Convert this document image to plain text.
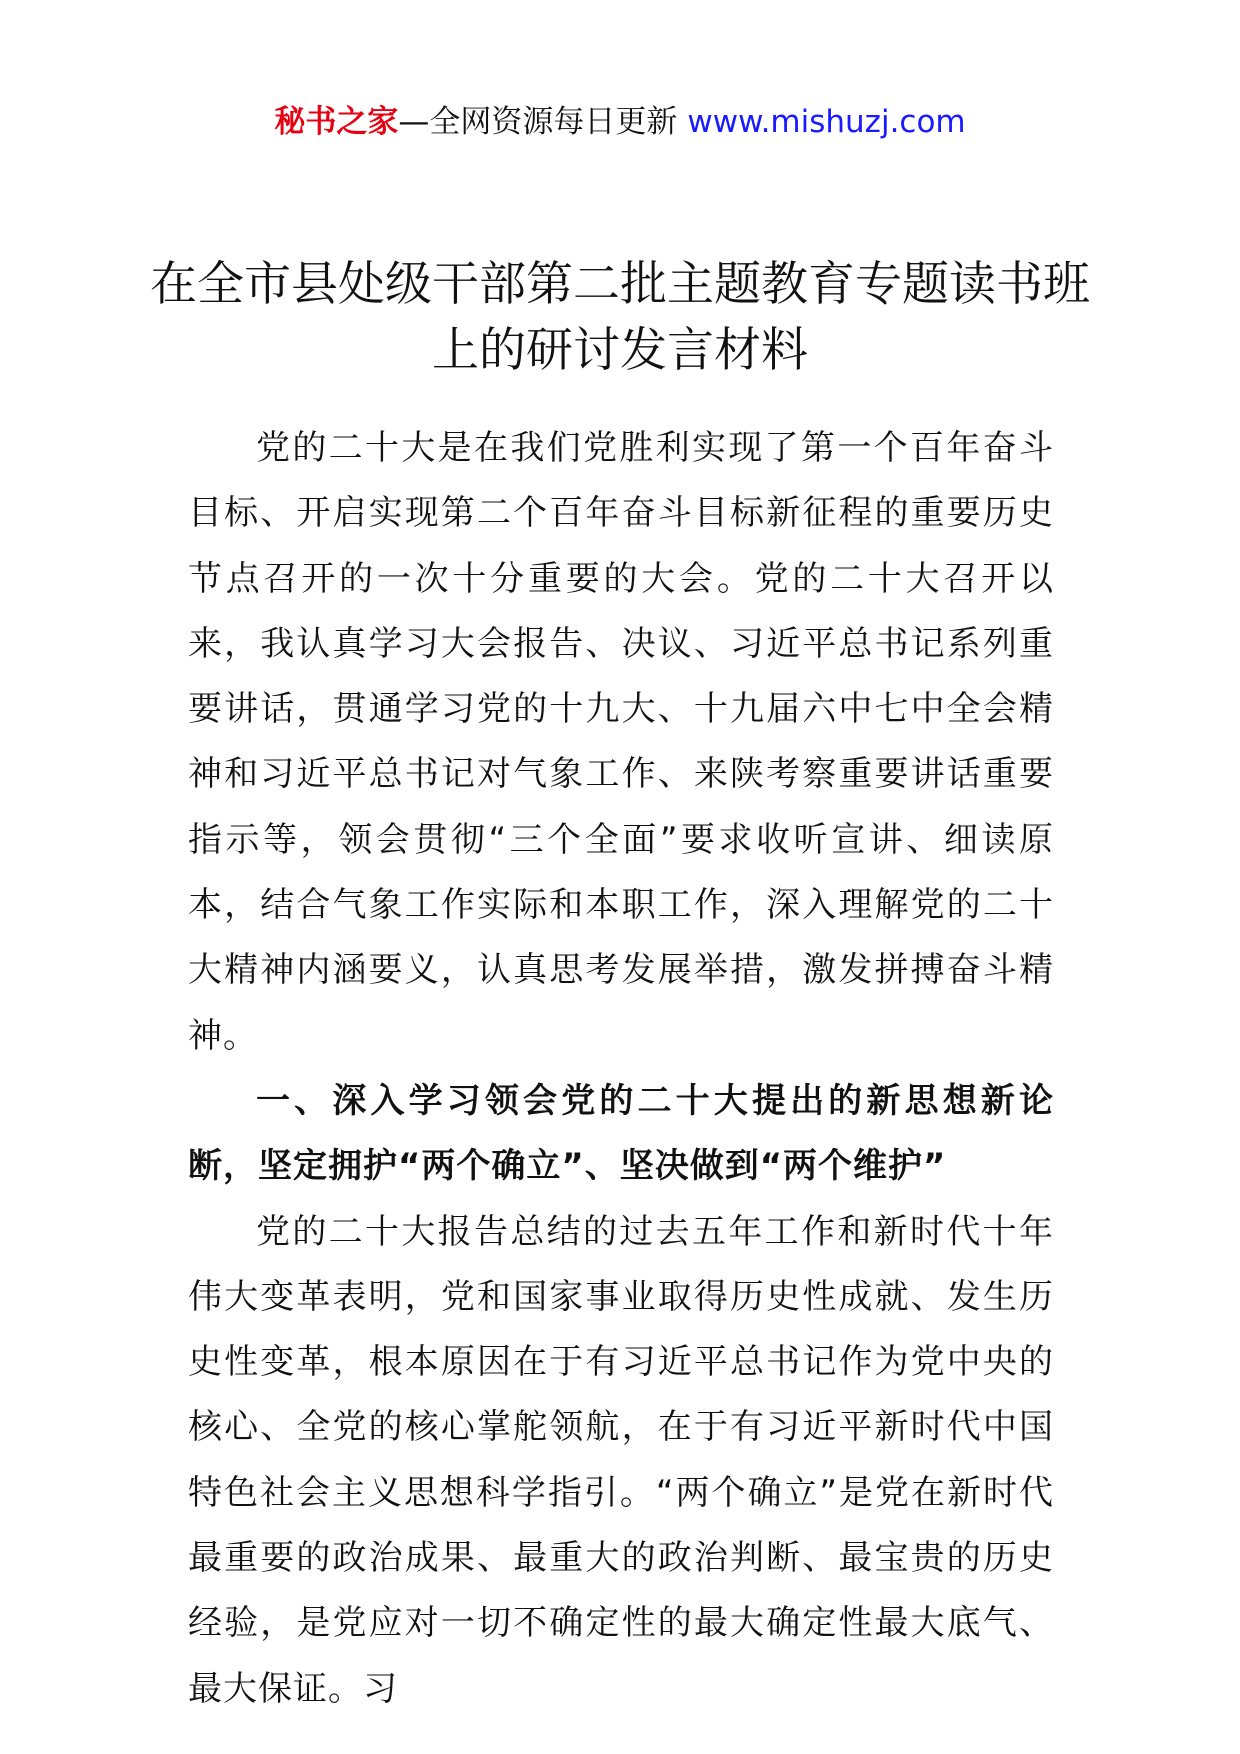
秘书之家—全网资源每日更新 www.mishuzj.com
在全市县处级干部第二批主题教育专题读书班上的研讨发言材料

党的二十大是在我们党胜利实现了第一个百年奋斗目标、开启实现第二个百年奋斗目标新征程的重要历史节点召开的一次十分重要的大会。党的二十大召开以来，我认真学习大会报告、决议、习近平总书记系列重要讲话，贯通学习党的十九大、十九届六中七中全会精神和习近平总书记对气象工作、来陕考察重要讲话重要指示等，领会贯彻“三个全面”要求收听宣讲、细读原本，结合气象工作实际和本职工作，深入理解党的二十大精神内涵要义，认真思考发展举措，激发拼搏奋斗精神。

一、深入学习领会党的二十大提出的新思想新论断，坚定拥护“两个确立”、坚决做到“两个维护”

党的二十大报告总结的过去五年工作和新时代十年伟大变革表明，党和国家事业取得历史性成就、发生历史性变革，根本原因在于有习近平总书记作为党中央的核心、全党的核心掌舵领航，在于有习近平新时代中国特色社会主义思想科学指引。“两个确立”是党在新时代最重要的政治成果、最重大的政治判断、最宝贵的历史经验，是党应对一切不确定性的最大确定性最大底气、最大保证。习
